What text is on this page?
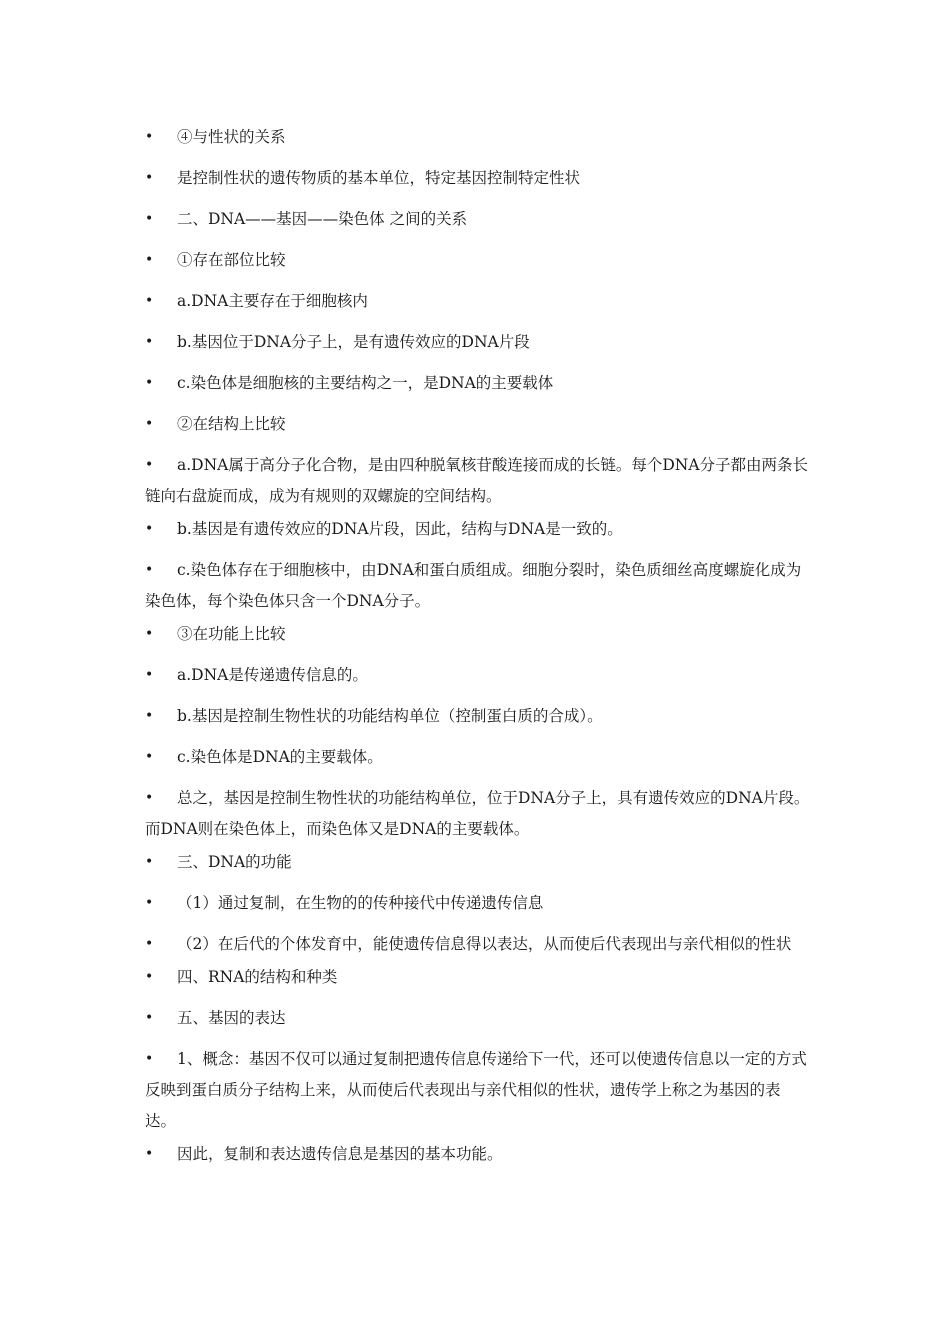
• ④与性状的关系
• 是控制性状的遗传物质的基本单位，特定基因控制特定性状
• 二、DNA——基因——染色体 之间的关系
• ①存在部位比较
• a.DNA主要存在于细胞核内
• b.基因位于DNA分子上，是有遗传效应的DNA片段
• c.染色体是细胞核的主要结构之一，是DNA的主要载体
• ②在结构上比较
• a.DNA属于高分子化合物，是由四种脱氧核苷酸连接而成的长链。每个DNA分子都由两条长链向右盘旋而成，成为有规则的双螺旋的空间结构。
• b.基因是有遗传效应的DNA片段，因此，结构与DNA是一致的。
• c.染色体存在于细胞核中，由DNA和蛋白质组成。细胞分裂时，染色质细丝高度螺旋化成为染色体，每个染色体只含一个DNA分子。
• ③在功能上比较
• a.DNA是传递遗传信息的。
• b.基因是控制生物性状的功能结构单位（控制蛋白质的合成）。
• c.染色体是DNA的主要载体。
• 总之，基因是控制生物性状的功能结构单位，位于DNA分子上，具有遗传效应的DNA片段。而DNA则在染色体上，而染色体又是DNA的主要载体。
• 三、DNA的功能
• （1）通过复制，在生物的的传种接代中传递遗传信息
• （2）在后代的个体发育中，能使遗传信息得以表达，从而使后代表现出与亲代相似的性状
• 四、RNA的结构和种类
• 五、基因的表达
• 1、概念：基因不仅可以通过复制把遗传信息传递给下一代，还可以使遗传信息以一定的方式反映到蛋白质分子结构上来，从而使后代表现出与亲代相似的性状，遗传学上称之为基因的表达。
• 因此，复制和表达遗传信息是基因的基本功能。
